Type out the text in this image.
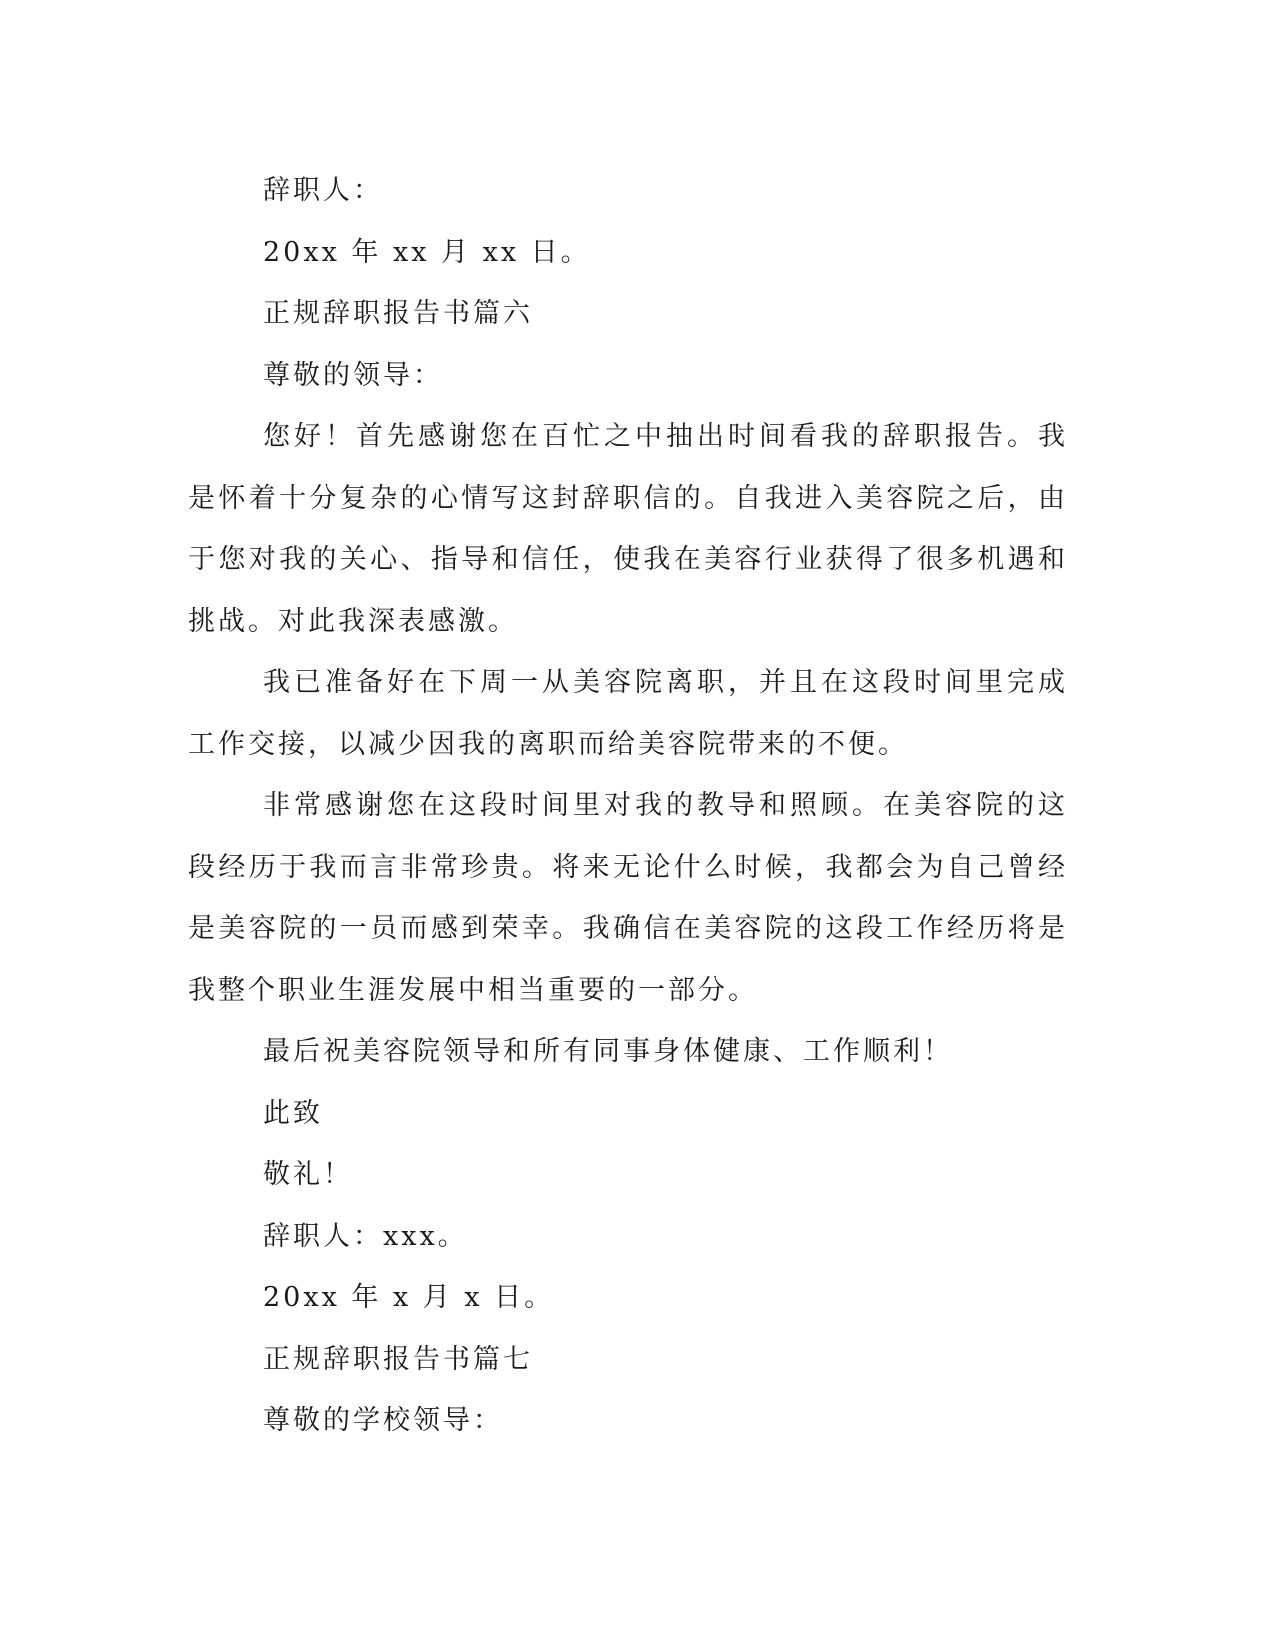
辞职人：
20xx 年 xx 月 xx 日。
正规辞职报告书篇六
尊敬的领导：

您好！首先感谢您在百忙之中抽出时间看我的辞职报告。我是怀着十分复杂的心情写这封辞职信的。自我进入美容院之后，由于您对我的关心、指导和信任，使我在美容行业获得了很多机遇和挑战。对此我深表感激。

我已准备好在下周一从美容院离职，并且在这段时间里完成工作交接，以减少因我的离职而给美容院带来的不便。

非常感谢您在这段时间里对我的教导和照顾。在美容院的这段经历于我而言非常珍贵。将来无论什么时候，我都会为自己曾经是美容院的一员而感到荣幸。我确信在美容院的这段工作经历将是我整个职业生涯发展中相当重要的一部分。

最后祝美容院领导和所有同事身体健康、工作顺利！
此致
敬礼！
辞职人：xxx。
20xx 年 x 月 x 日。
正规辞职报告书篇七
尊敬的学校领导：
